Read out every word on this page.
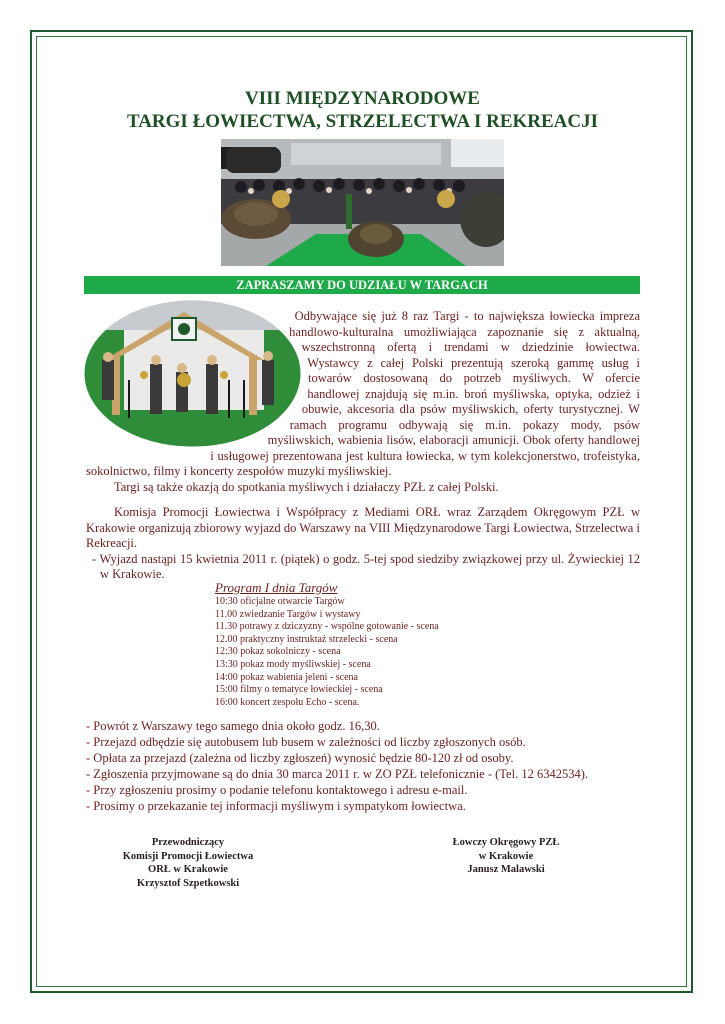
VIII MIĘDZYNARODOWE
TARGI ŁOWIECTWA, STRZELECTWA I REKREACJI
ZAPRASZAMY DO UDZIAŁU W TARGACH

Odbywające się już 8 raz Targi - to największa łowiecka impreza handlowo-kulturalna umożliwiająca zapoznanie się z aktualną, wszechstronną ofertą i trendami w dziedzinie łowiectwa. Wystawcy z całej Polski prezentują szeroką gammę usług i towarów dostosowaną do potrzeb myśliwych. W ofercie handlowej znajdują się m.in. broń myśliwska, optyka, odzież i obuwie, akcesoria dla psów myśliwskich, oferty turystycznej. W ramach programu odbywają się m.in. pokazy mody, psów myśliwskich, wabienia lisów, elaboracji amunicji. Obok oferty handlowej i usługowej prezentowana jest kultura łowiecka, w tym kolekcjonerstwo, trofeistyka, sokolnictwo, filmy i koncerty zespołów muzyki myśliwskiej.

Targi są także okazją do spotkania myśliwych i działaczy PZŁ z całej Polski.

Komisja Promocji Łowiectwa i Współpracy z Mediami ORŁ wraz Zarządem Okręgowym PZŁ w Krakowie organizują zbiorowy wyjazd do Warszawy na VIII Międzynarodowe Targi Łowiectwa, Strzelectwa i Rekreacji.

- Wyjazd nastąpi 15 kwietnia 2011 r. (piątek) o godz. 5-tej spod siedziby związkowej przy ul. Żywieckiej 12 w Krakowie.

Program I dnia Targów
10:30 oficjalne otwarcie Targów
11.00 zwiedzanie Targów i wystawy
11.30 potrawy z dziczyzny - wspólne gotowanie - scena
12.00 praktyczny instruktaż strzelecki - scena
12:30 pokaz sokolniczy - scena
13:30 pokaz mody myśliwskiej - scena
14:00 pokaz wabienia jeleni - scena
15:00 filmy o tematyce łowieckiej - scena
16:00 koncert zespołu Echo - scena.
- Powrót z Warszawy tego samego dnia około godz. 16,30.
- Przejazd odbędzie się autobusem lub busem w zależności od liczby zgłoszonych osób.
- Opłata za przejazd (zależna od liczby zgłoszeń) wynosić będzie 80-120 zł od osoby.
- Zgłoszenia przyjmowane są do dnia 30 marca 2011 r. w ZO PZŁ telefonicznie - (Tel. 12 6342534).
- Przy zgłoszeniu prosimy o podanie telefonu kontaktowego i adresu e-mail.
- Prosimy o przekazanie tej informacji myśliwym i sympatykom łowiectwa.
Przewodniczący
Komisji Promocji Łowiectwa
ORŁ w Krakowie
Krzysztof Szpetkowski
Łowczy Okręgowy PZŁ
w Krakowie
Janusz Malawski
